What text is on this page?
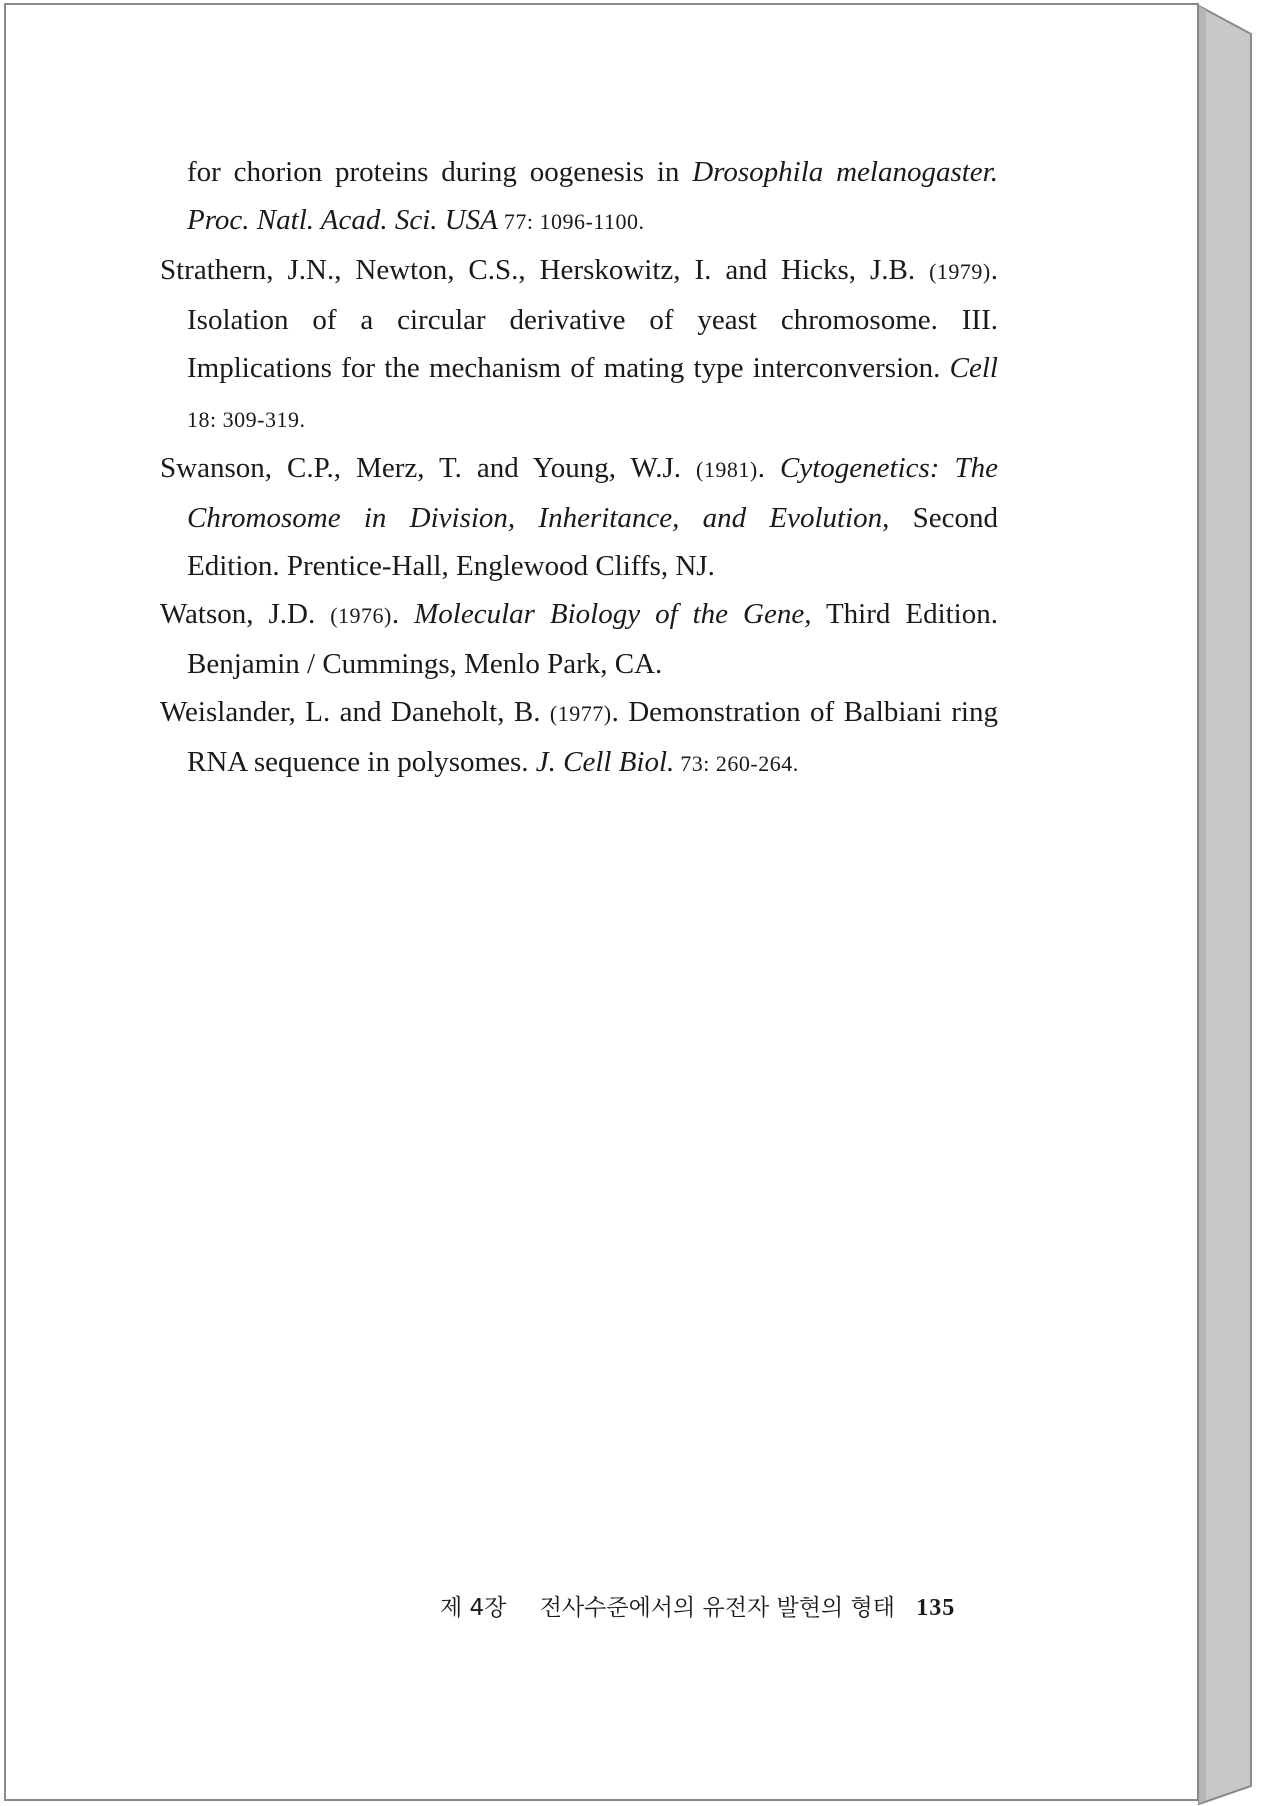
for chorion proteins during oogenesis in Drosophila melanogaster. Proc. Natl. Acad. Sci. USA 77: 1096-1100.

Strathern, J.N., Newton, C.S., Herskowitz, I. and Hicks, J.B. (1979). Isolation of a circular derivative of yeast chromosome. III. Implications for the mechanism of mating type interconversion. Cell 18: 309-319.

Swanson, C.P., Merz, T. and Young, W.J. (1981). Cytogenetics: The Chromosome in Division, Inheritance, and Evolution, Second Edition. Prentice-Hall, Englewood Cliffs, NJ.

Watson, J.D. (1976). Molecular Biology of the Gene, Third Edition. Benjamin / Cummings, Menlo Park, CA.

Weislander, L. and Daneholt, B. (1977). Demonstration of Balbiani ring RNA sequence in polysomes. J. Cell Biol. 73: 260-264.

제 4장 전사수준에서의 유전자 발현의 형태 135
